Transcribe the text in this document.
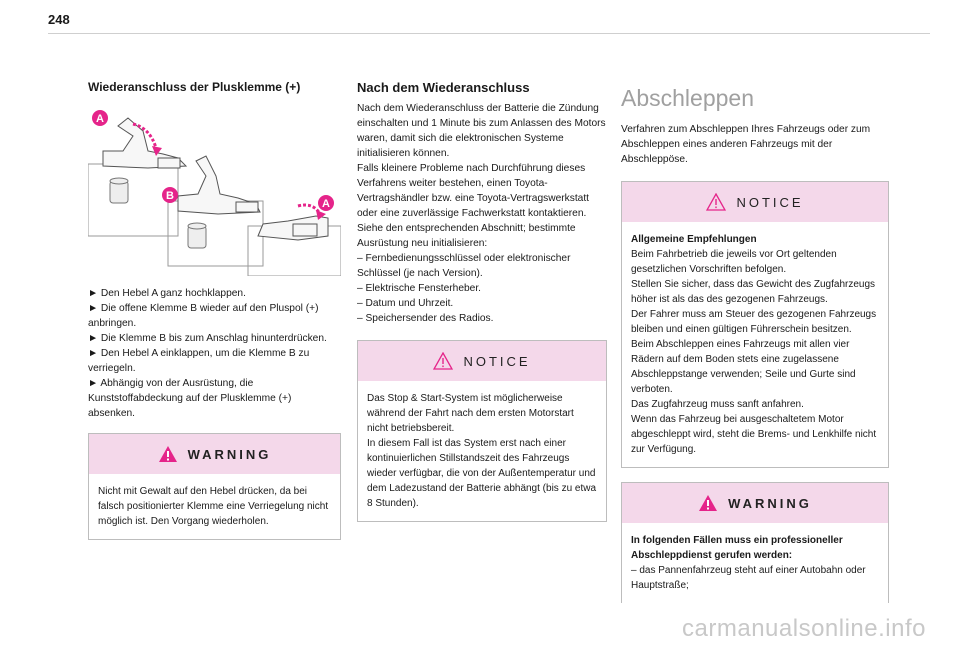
248
Wiederanschluss der Plusklemme (+)
A
B
A

► Den Hebel A ganz hochklappen.

► Die offene Klemme B wieder auf den Pluspol (+) anbringen.

► Die Klemme B bis zum Anschlag hinunterdrücken.

► Den Hebel A einklappen, um die Klemme B zu verriegeln.

► Abhängig von der Ausrüstung, die Kunststoffabdeckung auf der Plusklemme (+) absenken.

WARNING

Nicht mit Gewalt auf den Hebel drücken, da bei falsch positionierter Klemme eine Verriegelung nicht möglich ist. Den Vorgang wiederholen.

Nach dem Wiederanschluss

Nach dem Wiederanschluss der Batterie die Zündung einschalten und 1 Minute bis zum Anlassen des Motors waren, damit sich die elektronischen Systeme initialisieren können.

Falls kleinere Probleme nach Durchführung dieses Verfahrens weiter bestehen, einen Toyota-Vertragshändler bzw. eine Toyota-Vertragswerkstatt oder eine zuverlässige Fachwerkstatt kontaktieren.

Siehe den entsprechenden Abschnitt; bestimmte Ausrüstung neu initialisieren:

– Fernbedienungsschlüssel oder elektronischer Schlüssel (je nach Version).

– Elektrische Fensterheber.

– Datum und Uhrzeit.

– Speichersender des Radios.

NOTICE

Das Stop & Start-System ist möglicherweise während der Fahrt nach dem ersten Motorstart nicht betriebsbereit.

In diesem Fall ist das System erst nach einer kontinuierlichen Stillstandszeit des Fahrzeugs wieder verfügbar, die von der Außentemperatur und dem Ladezustand der Batterie abhängt (bis zu etwa 8 Stunden).

Abschleppen

Verfahren zum Abschleppen Ihres Fahrzeugs oder zum Abschleppen eines anderen Fahrzeugs mit der Abschleppöse.

NOTICE

Allgemeine Empfehlungen

Beim Fahrbetrieb die jeweils vor Ort geltenden gesetzlichen Vorschriften befolgen.

Stellen Sie sicher, dass das Gewicht des Zugfahrzeugs höher ist als das des gezogenen Fahrzeugs.

Der Fahrer muss am Steuer des gezogenen Fahrzeugs bleiben und einen gültigen Führerschein besitzen.

Beim Abschleppen eines Fahrzeugs mit allen vier Rädern auf dem Boden stets eine zugelassene Abschleppstange verwenden; Seile und Gurte sind verboten.

Das Zugfahrzeug muss sanft anfahren.

Wenn das Fahrzeug bei ausgeschaltetem Motor abgeschleppt wird, steht die Brems- und Lenkhilfe nicht zur Verfügung.

WARNING

In folgenden Fällen muss ein professioneller Abschleppdienst gerufen werden:

– das Pannenfahrzeug steht auf einer Autobahn oder Hauptstraße;

carmanualsonline.info
